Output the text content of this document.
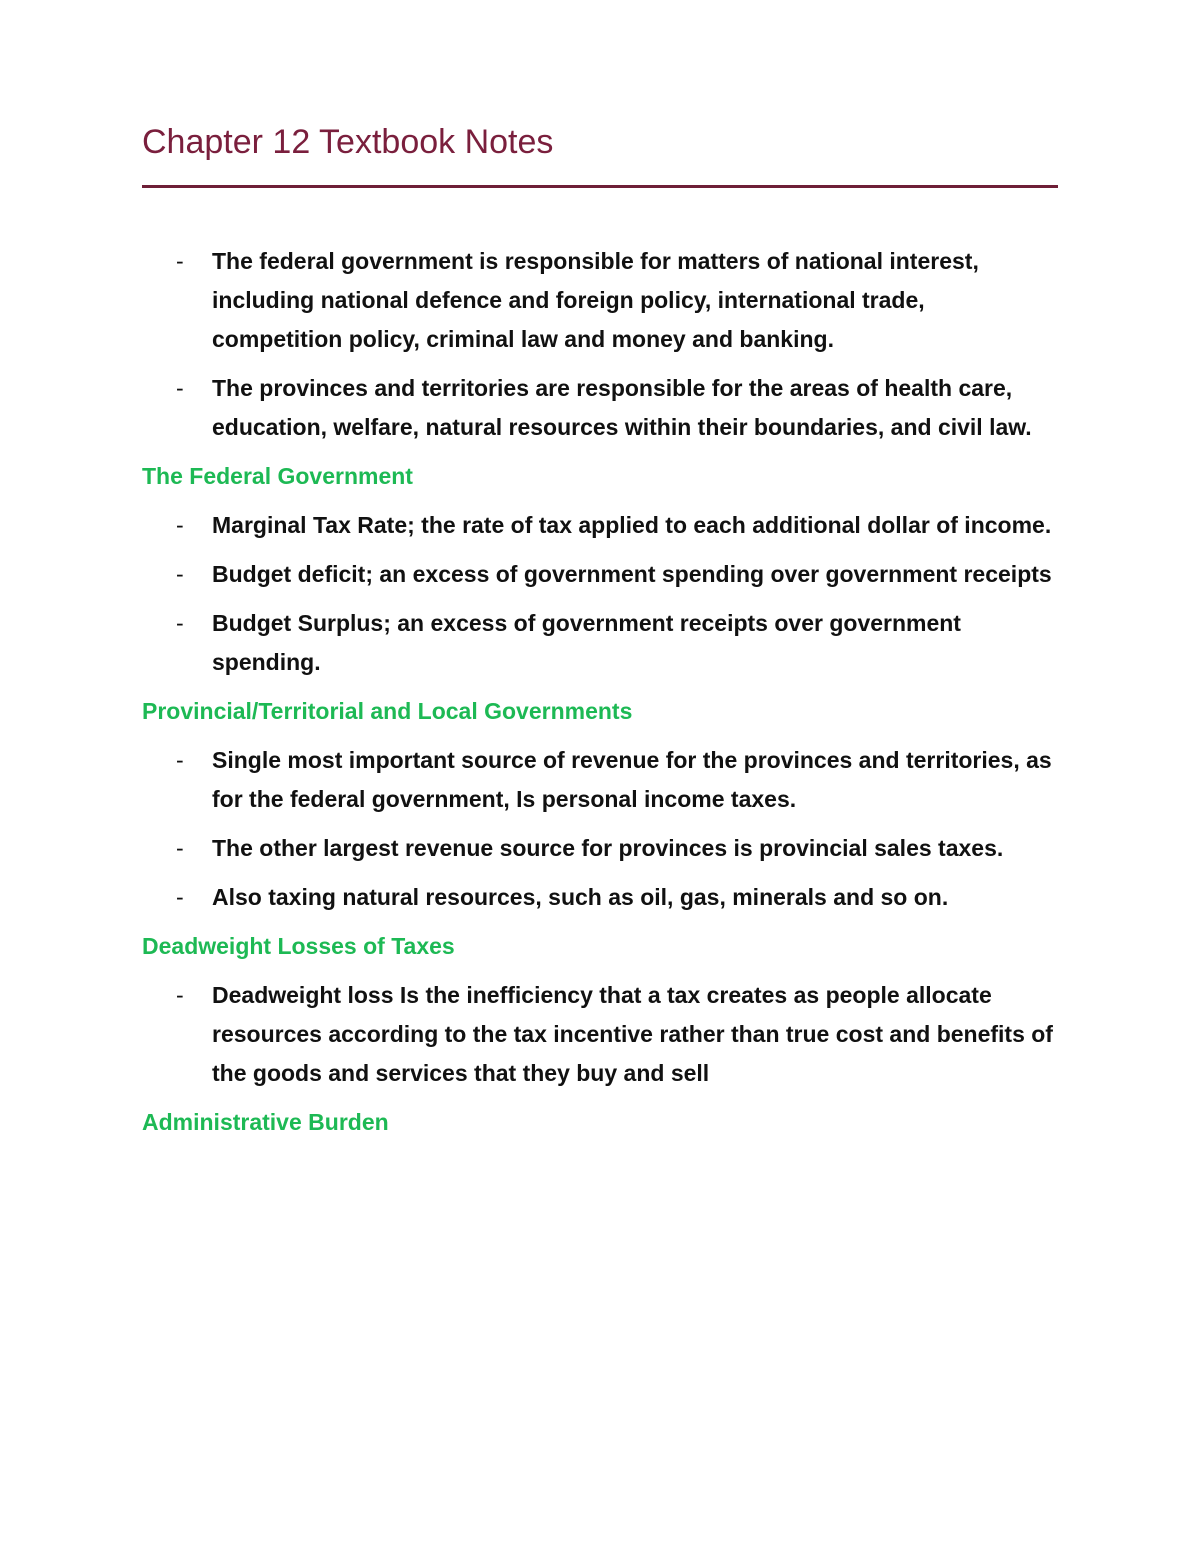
Chapter 12 Textbook Notes
- The federal government is responsible for matters of national interest, including national defence and foreign policy, international trade, competition policy, criminal law and money and banking.
- The provinces and territories are responsible for the areas of health care, education, welfare, natural resources within their boundaries, and civil law.
The Federal Government
- Marginal Tax Rate; the rate of tax applied to each additional dollar of income.
- Budget deficit; an excess of government spending over government receipts
- Budget Surplus; an excess of government receipts over government spending.
Provincial/Territorial and Local Governments
- Single most important source of revenue for the provinces and territories, as for the federal government, Is personal income taxes.
- The other largest revenue source for provinces is provincial sales taxes.
- Also taxing natural resources, such as oil, gas, minerals and so on.
Deadweight Losses of Taxes
- Deadweight loss Is the inefficiency that a tax creates as people allocate resources according to the tax incentive rather than true cost and benefits of the goods and services that they buy and sell
Administrative Burden
